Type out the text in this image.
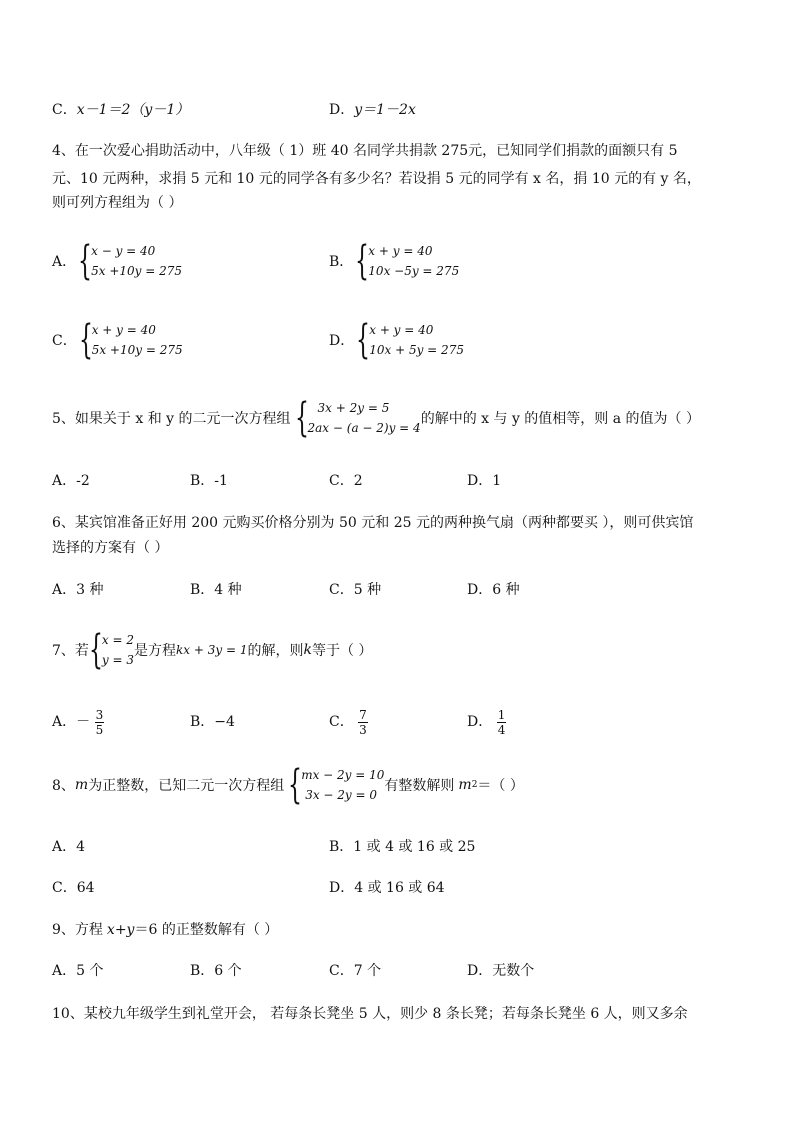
C．x－1＝2（y－1）	D．y＝1－2x
4、在一次爱心捐助活动中，八年级（ 1）班 40 名同学共捐款 275元，已知同学们捐款的面额只有 5
元、10 元两种，求捐 5 元和 10 元的同学各有多少名？若设捐 5 元的同学有 x 名，捐 10 元的有 y 名，
则可列方程组为（ ）
A． { x − y = 40
5x +10y = 275
B． { x + y = 40
10x −5y = 275
C． { x + y = 40
5x +10y = 275
D． { x + y = 40
10x + 5y = 275
5、如果关于 x 和 y 的二元一次方程组 { 3x + 2y = 5
2ax − (a − 2)y = 4
的解中的 x 与 y 的值相等，则 a 的值为（ ）
A．-2	B．-1	C．2	D．1
6、某宾馆准备正好用 200 元购买价格分别为 50 元和 25 元的两种换气扇（两种都要买 ），则可供宾馆
选择的方案有（ ）
A．3 种	B．4 种	C．5 种	D．6 种
7、若 { x = 2
y = 3
是方程 kx + 3y = 1 的解，则 k 等于（ ）
A．－ $\frac{3}{5}$	B．−4	C． $\frac{7}{3}$	D． $\frac{1}{4}$
8、 m 为正整数，已知二元一次方程组 { mx − 2y = 10
3x − 2y = 0
有整数解则 m 2 ＝（ ）
A．4	B．1 或 4 或 16 或 25
C．64	D．4 或 16 或 64
9、方程 x+y＝6 的正整数解有（ ）
A．5 个	B．6 个	C．7 个	D．无数个
10、某校九年级学生到礼堂开会， 若每条长凳坐 5 人，则少 8 条长凳；若每条长凳坐 6 人，则又多余
